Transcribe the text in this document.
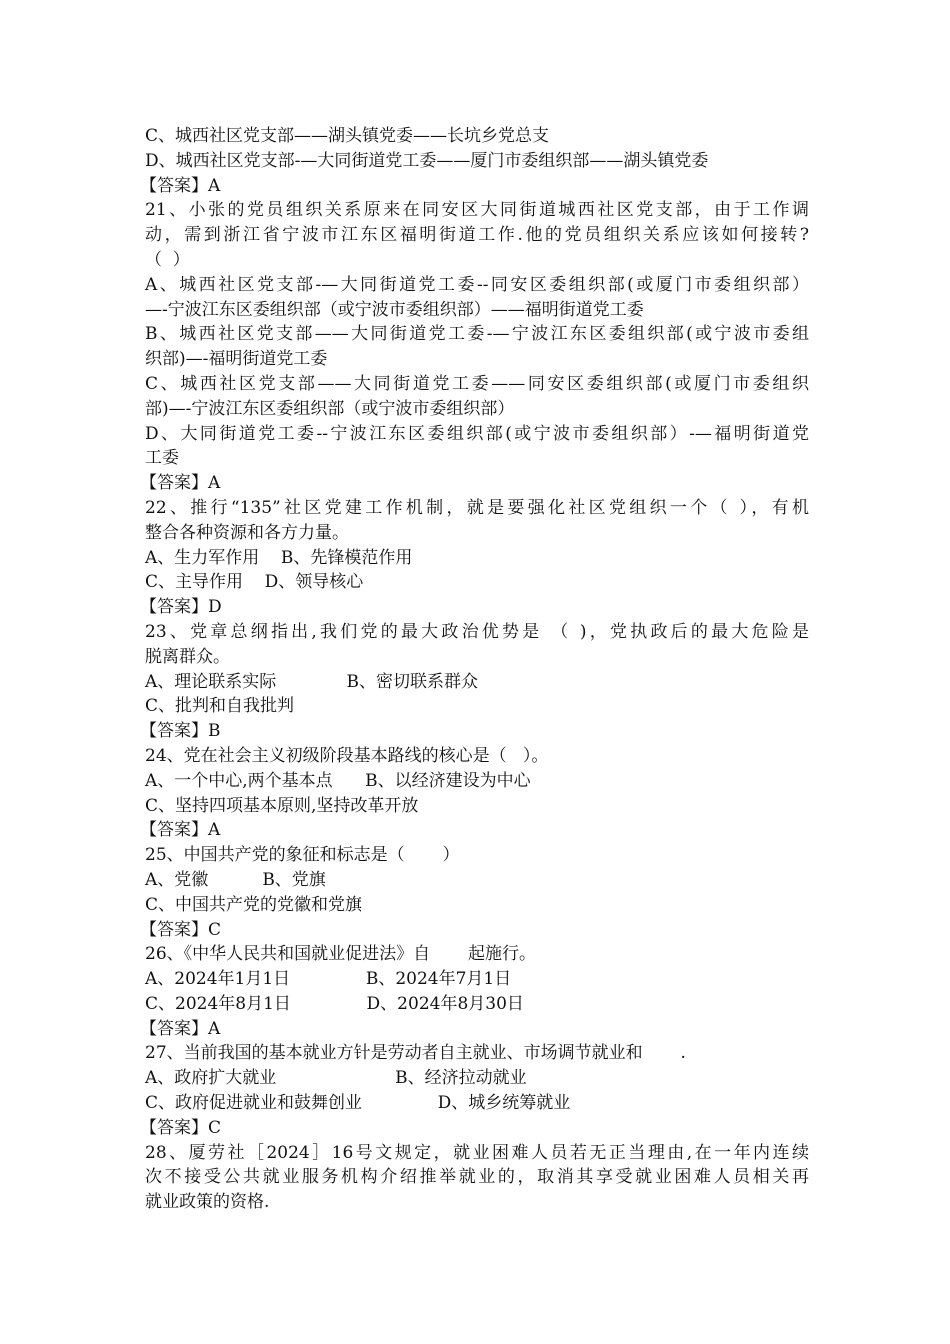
C、城西社区党支部——湖头镇党委——长坑乡党总支
D、城西社区党支部-—大同街道党工委——厦门市委组织部——湖头镇党委
【答案】A
21、小张的党员组织关系原来在同安区大同街道城西社区党支部，由于工作调
动，需到浙江省宁波市江东区福明街道工作.他的党员组织关系应该如何接转?
（  ）
A、城西社区党支部-—大同街道党工委--同安区委组织部(或厦门市委组织部）
—-宁波江东区委组织部（或宁波市委组织部）——福明街道党工委
B、城西社区党支部——大同街道党工委-—宁波江东区委组织部(或宁波市委组
织部)—-福明街道党工委
C、城西社区党支部——大同街道党工委——同安区委组织部(或厦门市委组织
部)—-宁波江东区委组织部（或宁波市委组织部）
D、大同街道党工委--宁波江东区委组织部(或宁波市委组织部）-—福明街道党
工委
【答案】A
22、推行“135”社区党建工作机制，就是要强化社区党组织一个（ ），有机
整合各种资源和各方力量。
A、生力军作用    B、先锋模范作用
C、主导作用    D、领导核心
【答案】D
23、党章总纲指出,我们党的最大政治优势是 （ )，党执政后的最大危险是
脱离群众。
A、理论联系实际             B、密切联系群众
C、批判和自我批判
【答案】B
24、党在社会主义初级阶段基本路线的核心是（   ）。
A、一个中心,两个基本点      B、以经济建设为中心
C、坚持四项基本原则,坚持改革开放
【答案】A
25、中国共产党的象征和标志是（       ）
A、党徽          B、党旗
C、中国共产党的党徽和党旗
【答案】C
26、《中华人民共和国就业促进法》自       起施行。
A、2024年1月1日              B、2024年7月1日
C、2024年8月1日              D、2024年8月30日
【答案】A
27、当前我国的基本就业方针是劳动者自主就业、市场调节就业和       .
A、政府扩大就业                      B、经济拉动就业
C、政府促进就业和鼓舞创业              D、城乡统筹就业
【答案】C
28、厦劳社［2024］16号文规定，就业困难人员若无正当理由,在一年内连续
次不接受公共就业服务机构介绍推举就业的，取消其享受就业困难人员相关再
就业政策的资格.
